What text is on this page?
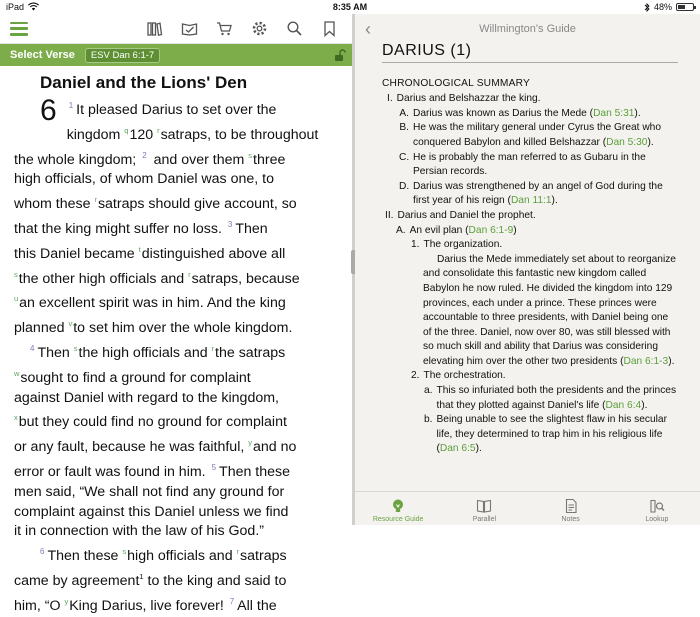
iPad	8:35 AM	48%
Select Verse	ESV Dan 6:1-7
Daniel and the Lions' Den
6	$^1$ It pleased Darius to set over the
kingdom $^q$120 $^r$satraps, to be throughout
the whole kingdom; $^2$ and over them $^s$three
high officials, of whom Daniel was one, to
whom these $^r$satraps should give account, so
that the king might suffer no loss. $^3$ Then
this Daniel became $^t$distinguished above all
$^s$the other high officials and $^r$satraps, because
$^u$an excellent spirit was in him. And the king
planned $^v$to set him over the whole kingdom.
$^4$ Then $^s$the high officials and $^r$the satraps
$^w$sought to find a ground for complaint
against Daniel with regard to the kingdom,
$^x$but they could find no ground for complaint
or any fault, because he was faithful, $^y$and no
error or fault was found in him. $^5$ Then these
men said, “We shall not find any ground for
complaint against this Daniel unless we find
it in connection with the law of his God.”
$^6$ Then these $^s$high officials and $^r$satraps
came by agreement$^1$ to the king and said to
him, “O $^y$King Darius, live forever! $^7$ All the
‹	Willmington's Guide
DARIUS (1)
CHRONOLOGICAL SUMMARY
I. Darius and Belshazzar the king.
A. Darius was known as Darius the Mede (Dan 5:31).
B. He was the military general under Cyrus the Great who conquered Babylon and killed Belshazzar (Dan 5:30).
C. He is probably the man referred to as Gubaru in the Persian records.
D. Darius was strengthened by an angel of God during the first year of his reign (Dan 11:1).
II. Darius and Daniel the prophet.
A. An evil plan (Dan 6:1-9)
1. The organization.
Darius the Mede immediately set about to reorganize and consolidate this fantastic new kingdom called Babylon he now ruled. He divided the kingdom into 129 provinces, each under a prince. These princes were accountable to three presidents, with Daniel being one of the three. Daniel, now over 80, was still blessed with so much skill and ability that Darius was considering elevating him over the other two presidents (Dan 6:1-3).
2. The orchestration.
a. This so infuriated both the presidents and the princes that they plotted against Daniel's life (Dan 6:4).
b. Being unable to see the slightest flaw in his secular life, they determined to trap him in his religious life (Dan 6:5).
Resource Guide	Parallel	Notes	Lookup
